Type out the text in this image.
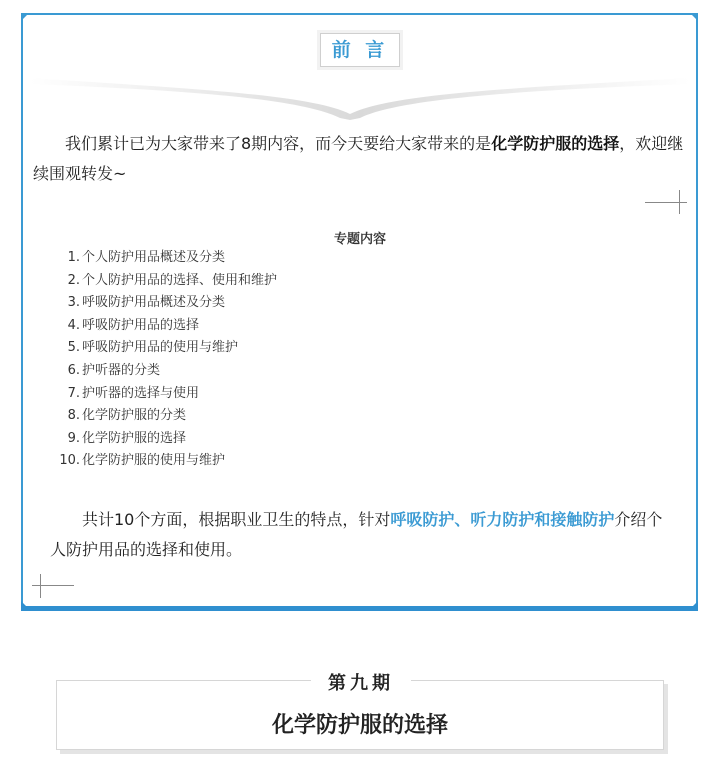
前 言

我们累计已为大家带来了8期内容，而今天要给大家带来的是化学防护服的选择，欢迎继续围观转发~

专题内容
1. 个人防护用品概述及分类
2. 个人防护用品的选择、使用和维护
3. 呼吸防护用品概述及分类
4. 呼吸防护用品的选择
5. 呼吸防护用品的使用与维护
6. 护听器的分类
7. 护听器的选择与使用
8. 化学防护服的分类
9. 化学防护服的选择
10. 化学防护服的使用与维护

共计10个方面，根据职业卫生的特点，针对呼吸防护、听力防护和接触防护介绍个人防护用品的选择和使用。

第九期
化学防护服的选择
